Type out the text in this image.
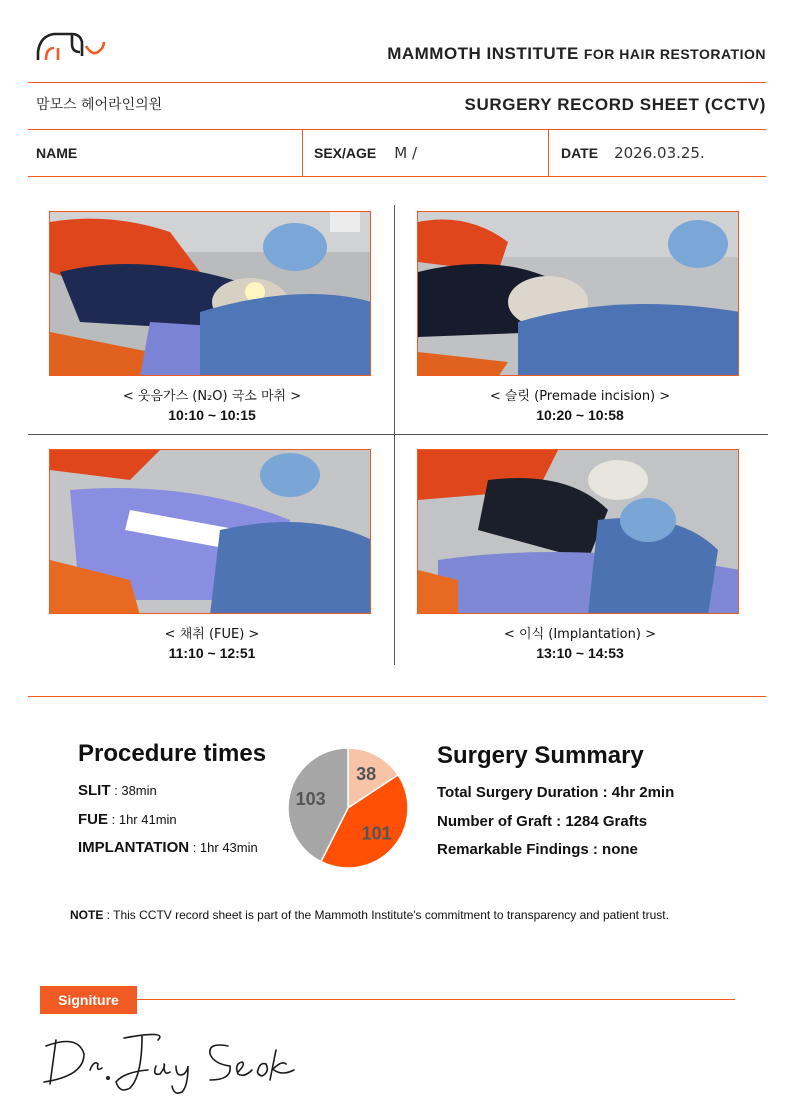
MAMMOTH INSTITUTE FOR HAIR RESTORATION
맘모스 헤어라인의원	SURGERY RECORD SHEET (CCTV)
NAME	SEX/AGE M /	DATE 2026.03.25.
< 웃음가스 (N₂O) 국소 마취 >
10:10 ~ 10:15
< 슬릿 (Premade incision) >
10:20 ~ 10:58
< 채취 (FUE) >
11:10 ~ 12:51
< 이식 (Implantation) >
13:10 ~ 14:53
Procedure times
SLIT : 38min
FUE : 1hr 41min
IMPLANTATION : 1hr 43min
38
101
103
Surgery Summary
Total Surgery Duration : 4hr 2min
Number of Graft : 1284 Grafts
Remarkable Findings : none
NOTE : This CCTV record sheet is part of the Mammoth Institute's commitment to transparency and patient trust.
Signiture
